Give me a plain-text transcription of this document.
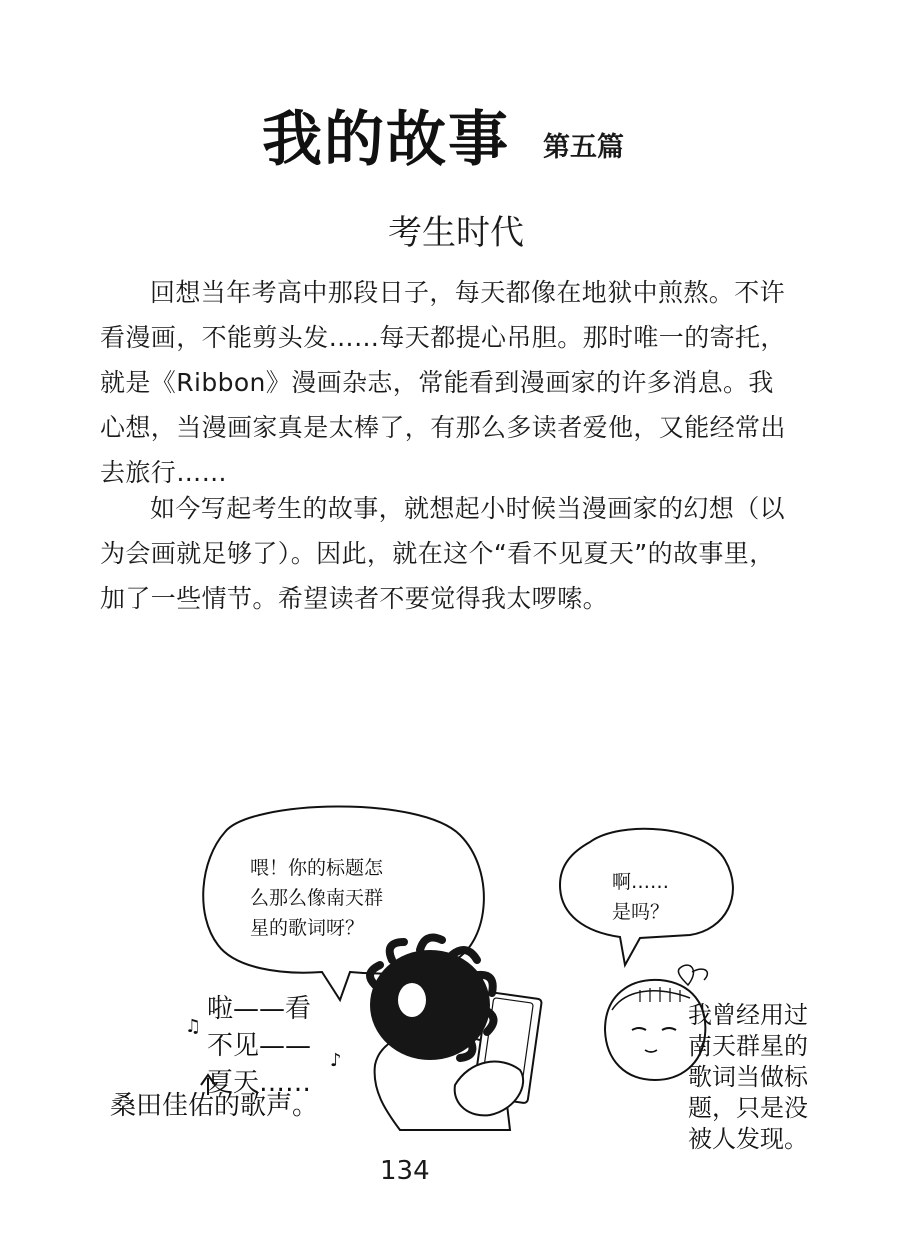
我的故事 第五篇
考生时代

回想当年考高中那段日子，每天都像在地狱中煎熬。不许看漫画，不能剪头发……每天都提心吊胆。那时唯一的寄托，就是《Ribbon》漫画杂志，常能看到漫画家的许多消息。我心想，当漫画家真是太棒了，有那么多读者爱他，又能经常出去旅行……

如今写起考生的故事，就想起小时候当漫画家的幻想（以为会画就足够了）。因此，就在这个“看不见夏天”的故事里，加了一些情节。希望读者不要觉得我太啰嗦。

♫
♪
喂！你的标题怎
么那么像南天群
星的歌词呀？
啊……
是吗？
啦——看
不见——
夏天……
桑田佳佑的歌声。
我曾经用过
南天群星的
歌词当做标
题，只是没
被人发现。
134
